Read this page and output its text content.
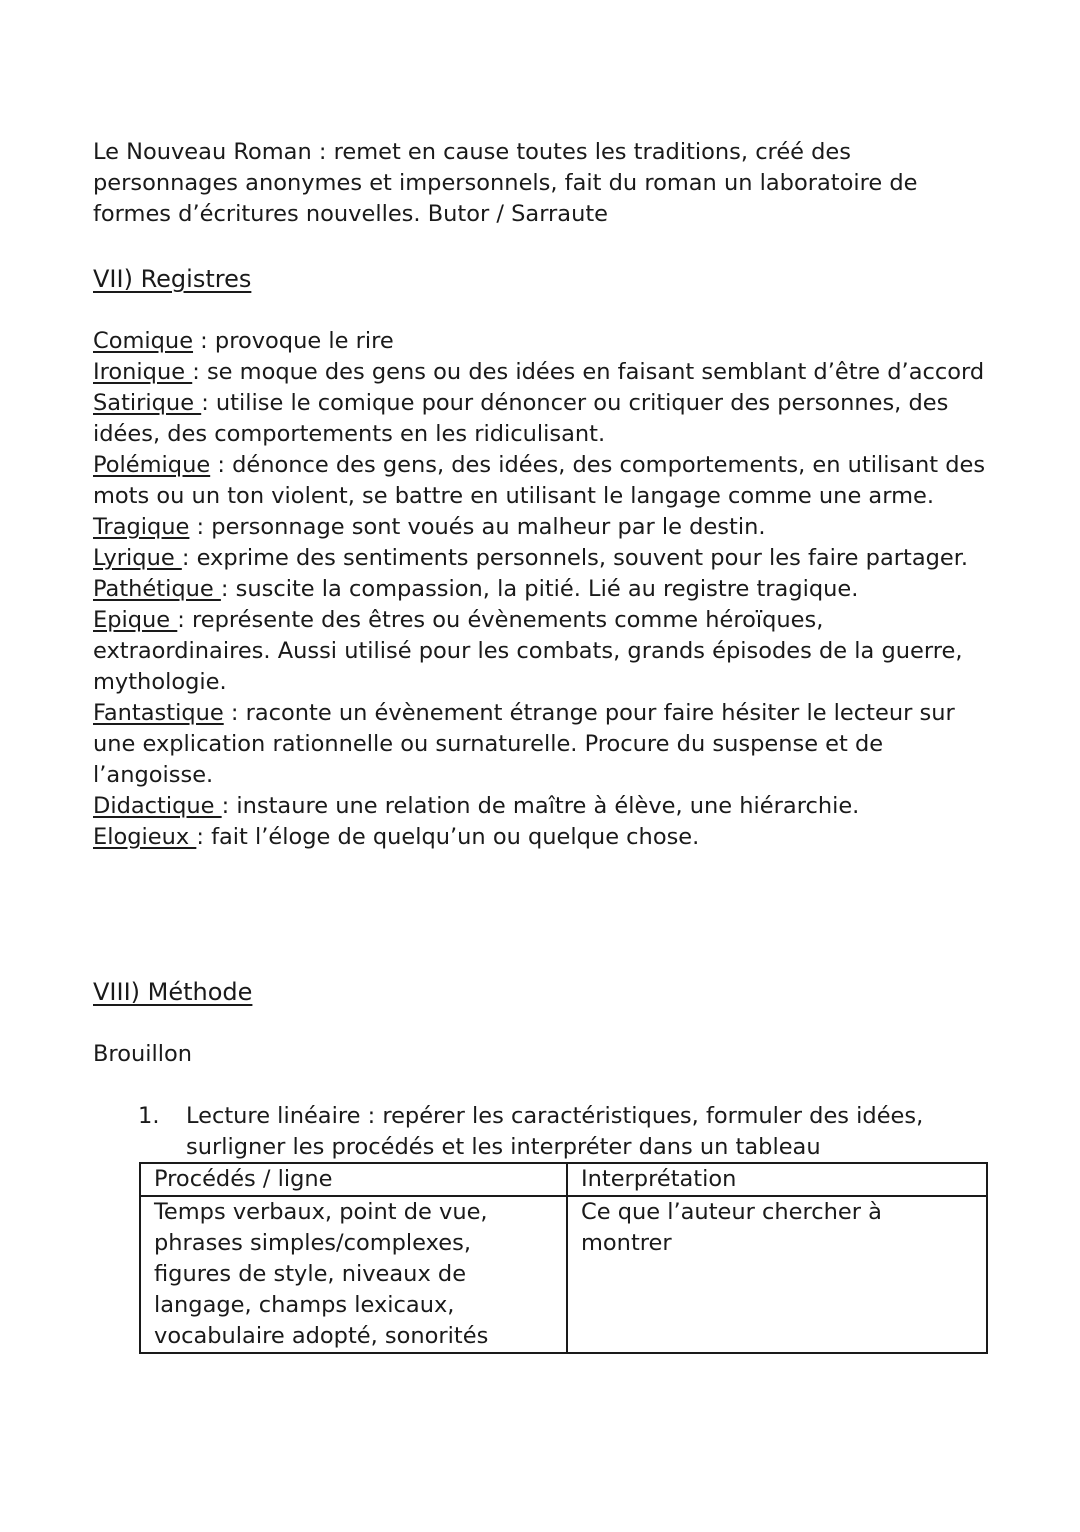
Le Nouveau Roman : remet en cause toutes les traditions, créé des personnages anonymes et impersonnels, fait du roman un laboratoire de formes d’écritures nouvelles. Butor / Sarraute

VII) Registres
Comique : provoque le rire
Ironique : se moque des gens ou des idées en faisant semblant d’être d’accord
Satirique : utilise le comique pour dénoncer ou critiquer des personnes, des idées, des comportements en les ridiculisant.
Polémique : dénonce des gens, des idées, des comportements, en utilisant des mots ou un ton violent, se battre en utilisant le langage comme une arme.
Tragique : personnage sont voués au malheur par le destin.
Lyrique : exprime des sentiments personnels, souvent pour les faire partager.
Pathétique : suscite la compassion, la pitié. Lié au registre tragique.
Epique : représente des êtres ou évènements comme héroïques, extraordinaires. Aussi utilisé pour les combats, grands épisodes de la guerre, mythologie.
Fantastique : raconte un évènement étrange pour faire hésiter le lecteur sur une explication rationnelle ou surnaturelle. Procure du suspense et de l’angoisse.
Didactique : instaure une relation de maître à élève, une hiérarchie.
Elogieux : fait l’éloge de quelqu’un ou quelque chose.
VIII) Méthode

Brouillon

1. Lecture linéaire : repérer les caractéristiques, formuler des idées, surligner les procédés et les interpréter dans un tableau
Procédés / ligne	Interprétation
Temps verbaux, point de vue, phrases simples/complexes, figures de style, niveaux de langage, champs lexicaux, vocabulaire adopté, sonorités	Ce que l’auteur chercher à montrer
